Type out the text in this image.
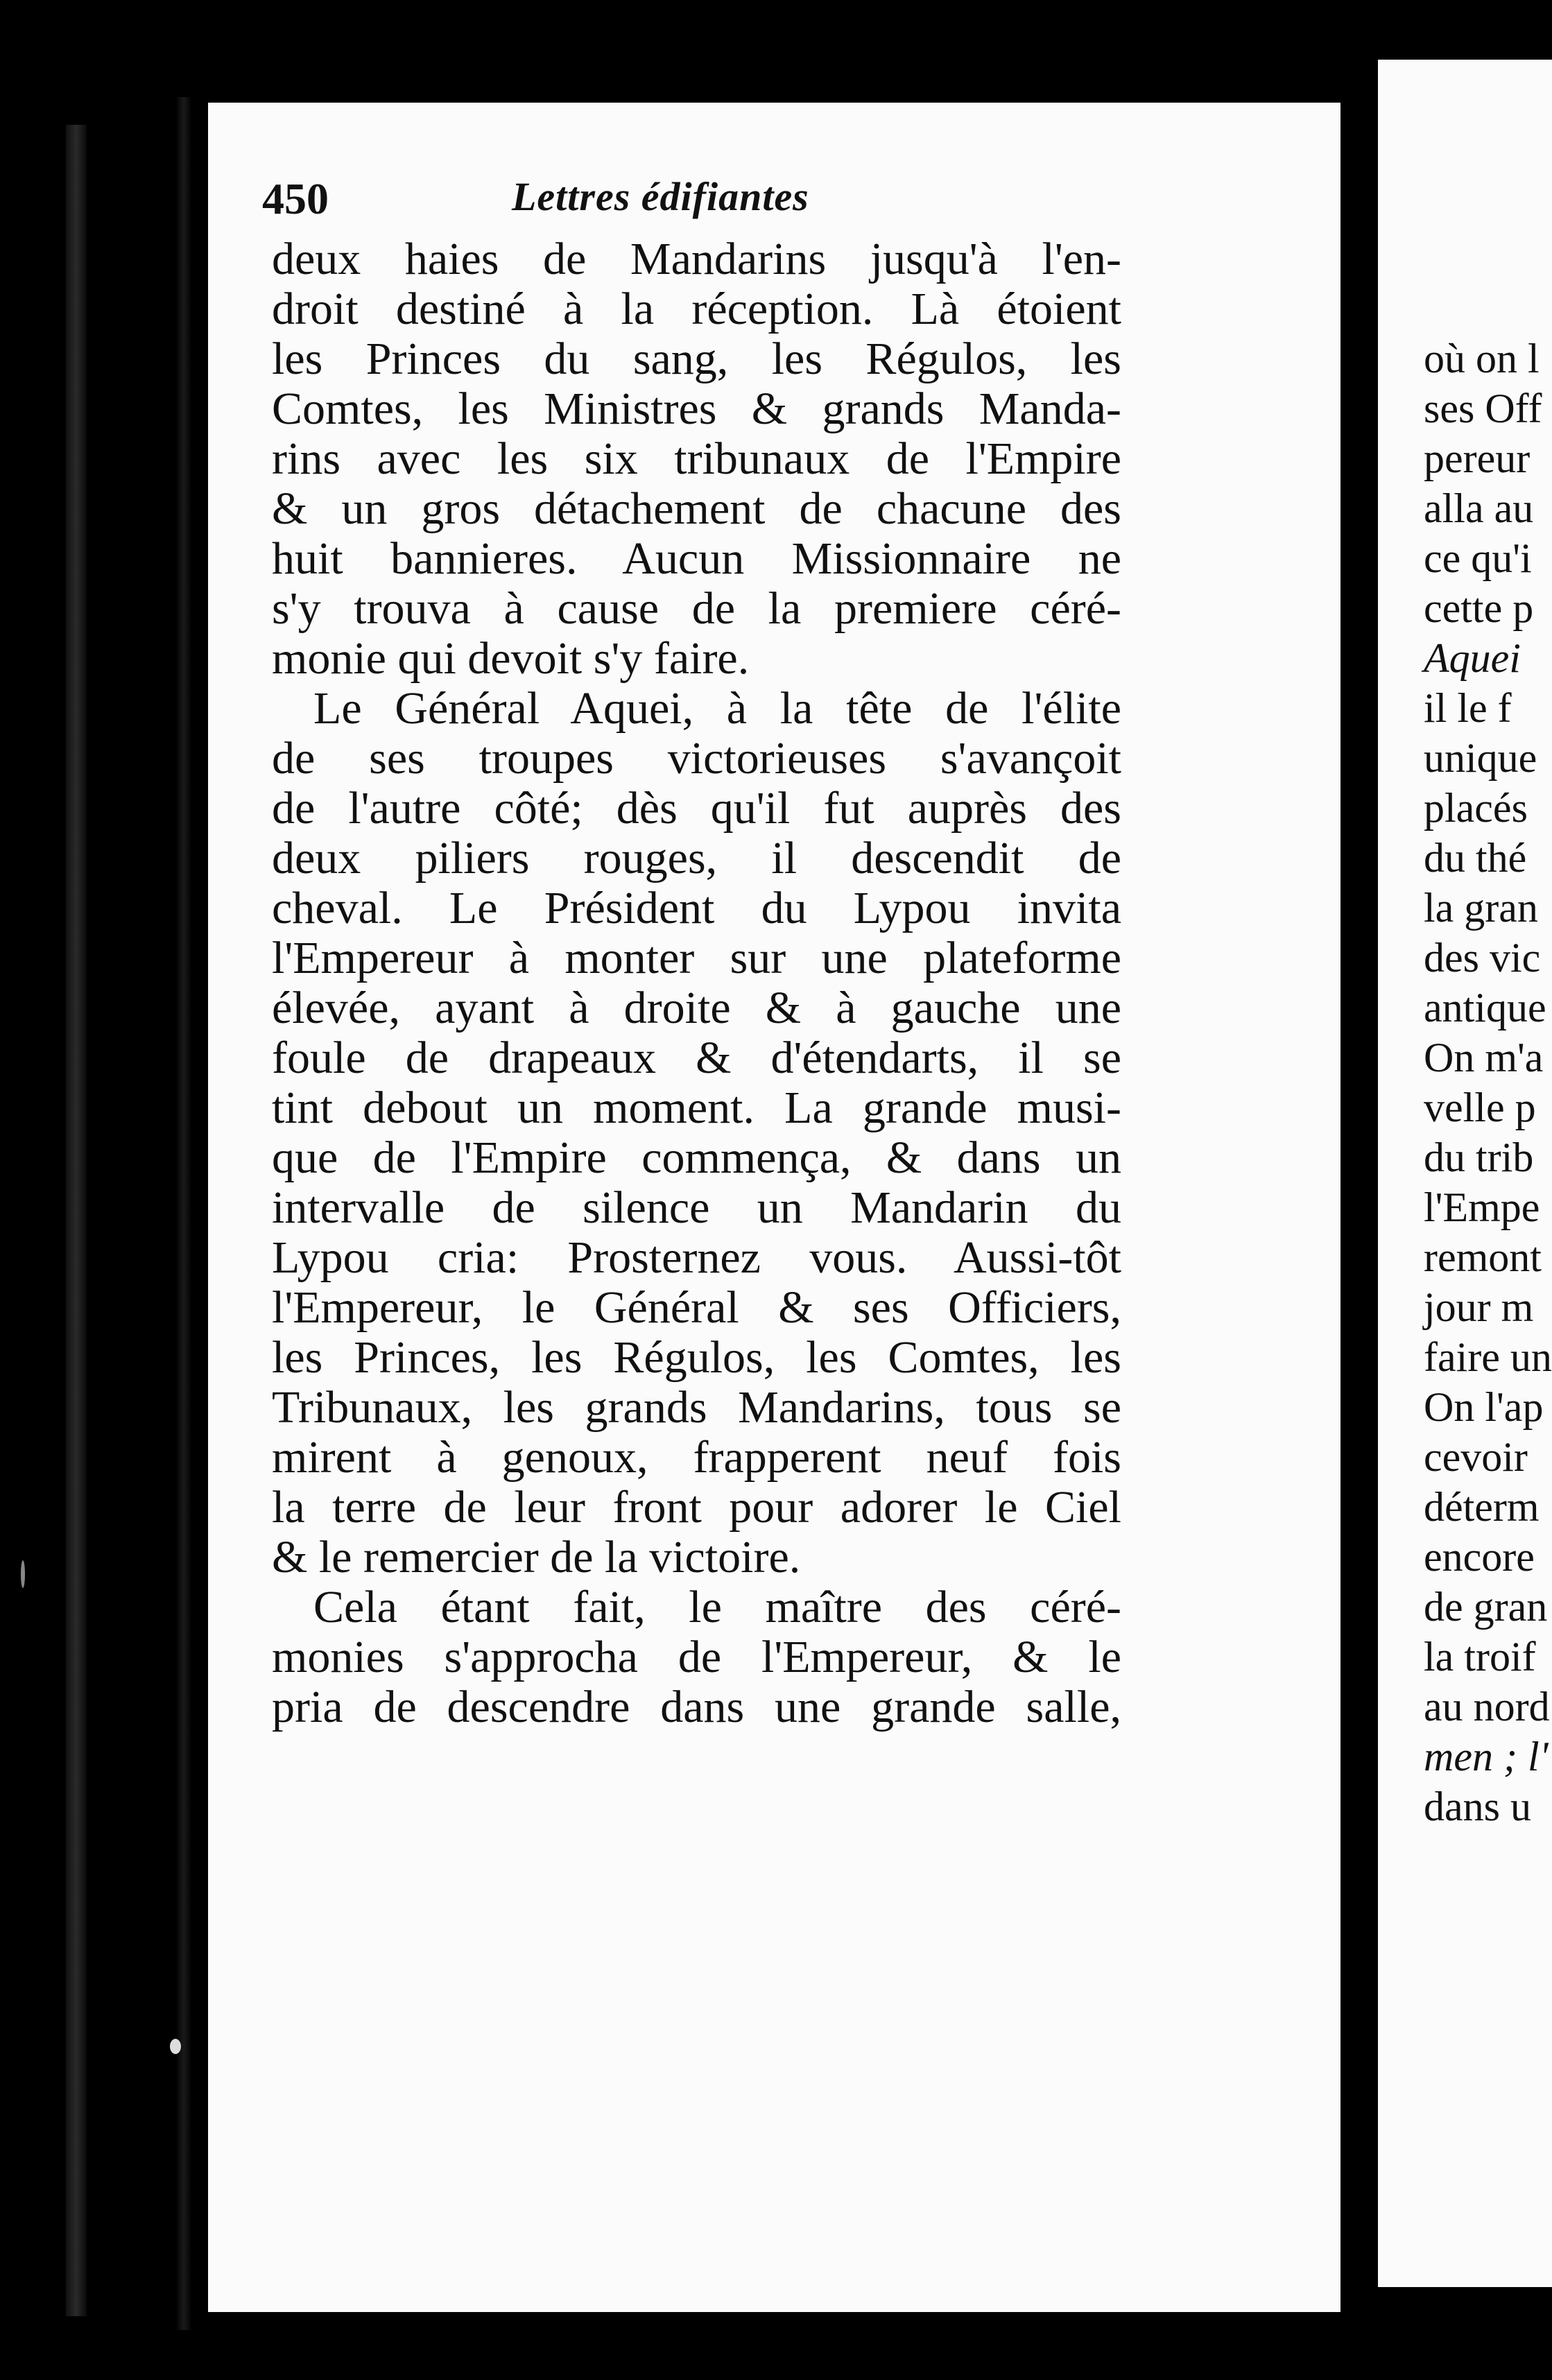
450	Lettres édifiantes
deux haies de Mandarins jusqu'à l'en-
droit destiné à la réception. Là étoient
les Princes du sang, les Régulos, les
Comtes, les Ministres & grands Manda-
rins avec les six tribunaux de l'Empire
& un gros détachement de chacune des
huit bannieres. Aucun Missionnaire ne
s'y trouva à cause de la premiere céré-
monie qui devoit s'y faire.
Le Général Aquei, à la tête de l'élite
de ses troupes victorieuses s'avançoit
de l'autre côté; dès qu'il fut auprès des
deux piliers rouges, il descendit de
cheval. Le Président du Lypou invita
l'Empereur à monter sur une plateforme
élevée, ayant à droite & à gauche une
foule de drapeaux & d'étendarts, il se
tint debout un moment. La grande musi-
que de l'Empire commença, & dans un
intervalle de silence un Mandarin du
Lypou cria: Prosternez vous. Aussi-tôt
l'Empereur, le Général & ses Officiers,
les Princes, les Régulos, les Comtes, les
Tribunaux, les grands Mandarins, tous se
mirent à genoux, frapperent neuf fois
la terre de leur front pour adorer le Ciel
& le remercier de la victoire.
Cela étant fait, le maître des céré-
monies s'approcha de l'Empereur, & le
pria de descendre dans une grande salle,
où on l
ses Off
pereur
alla au
ce qu'i
cette p
Aquei
il le f
unique
placés
du thé
la gran
des vic
antique
On m'a
velle p
du trib
l'Empe
remont
jour m
faire un
On l'ap
cevoir
déterm
encore
de gran
la troif
au nord
men ; l'
dans u
